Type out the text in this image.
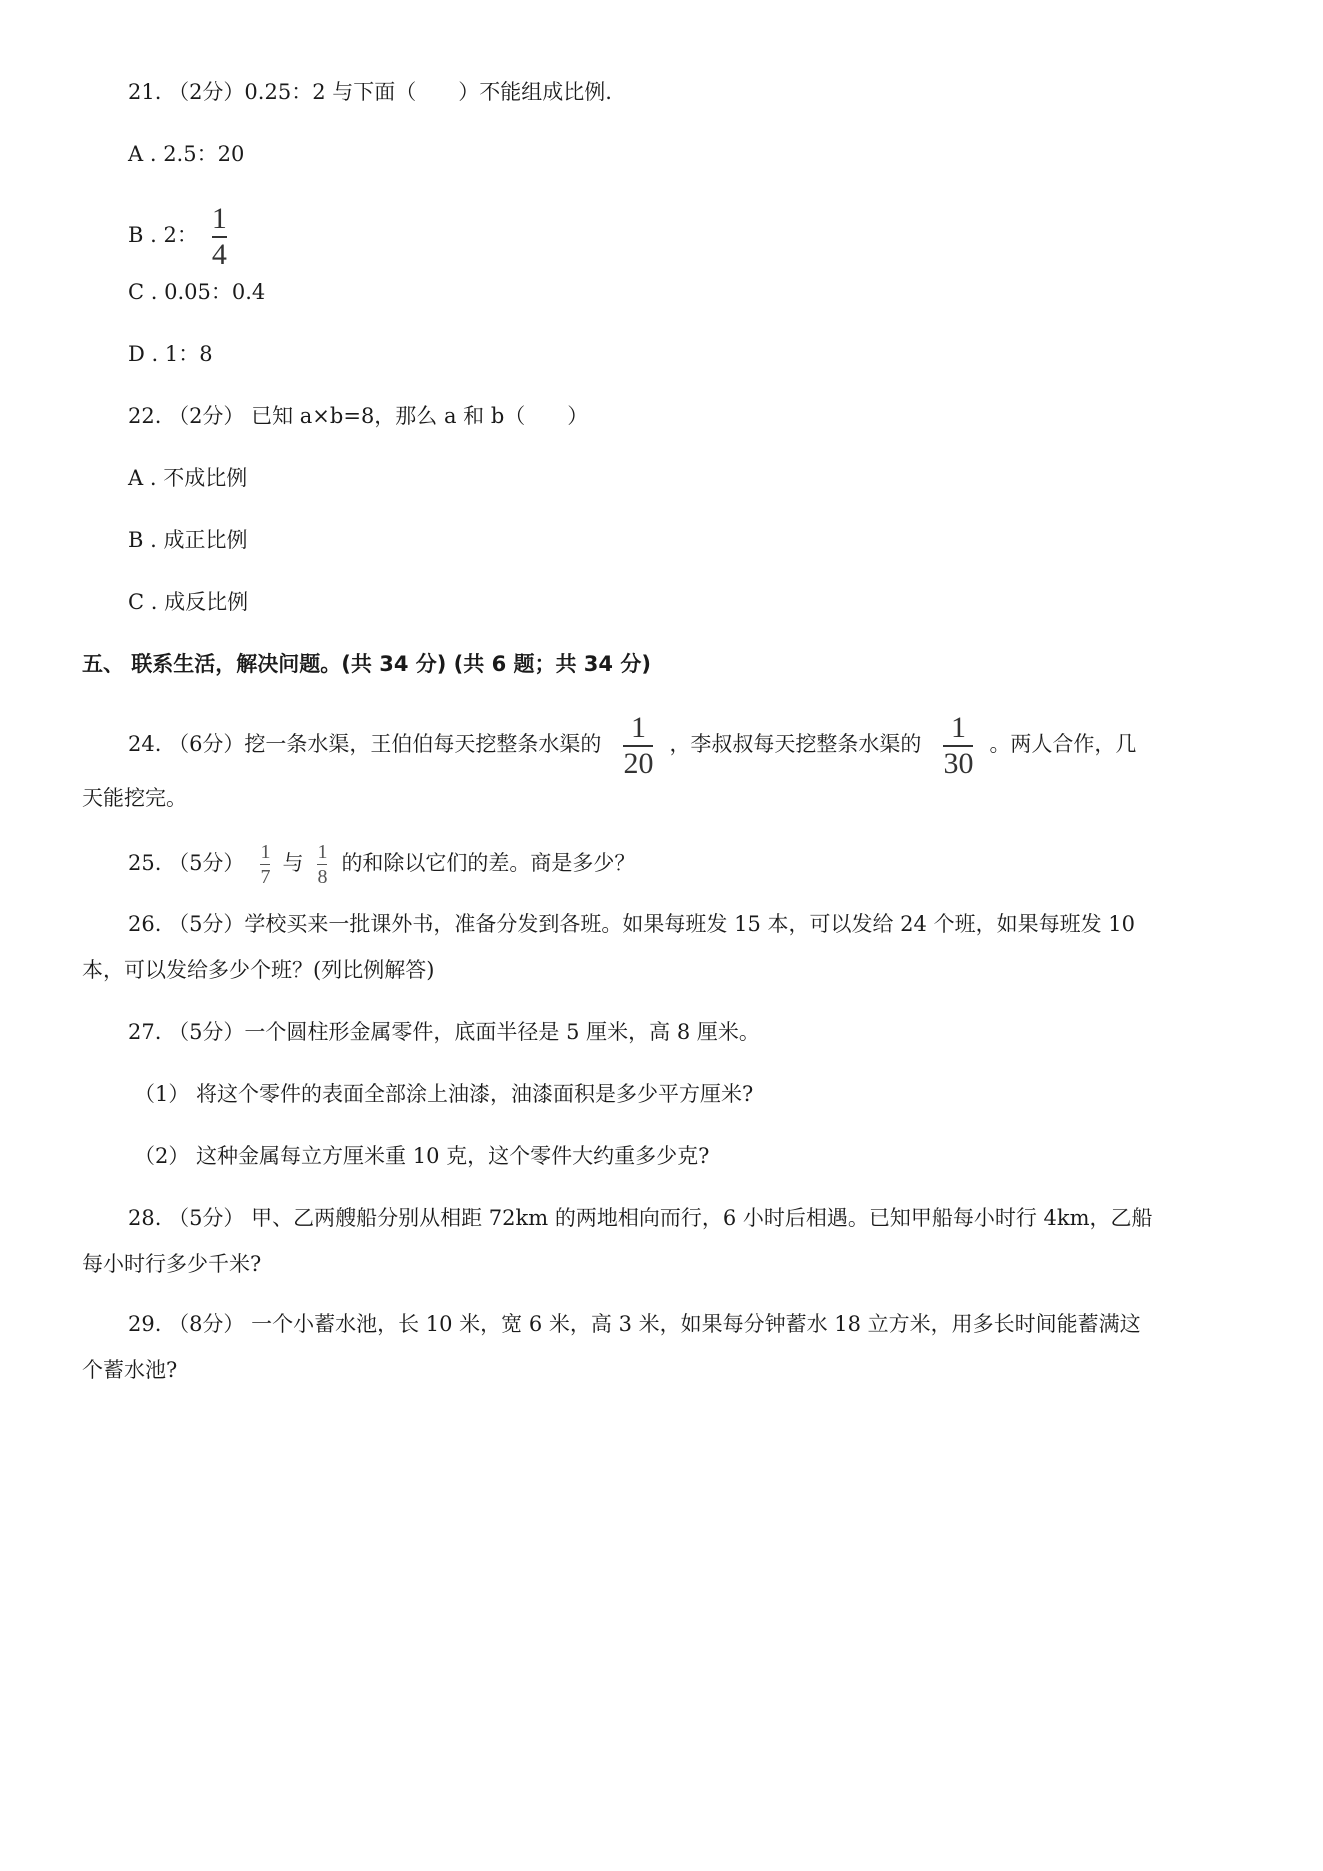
21. （2分）0.25：2 与下面（　　）不能组成比例.
A . 2.5：20
B . 2： $\frac{1}{4}$
C . 0.05：0.4
D . 1：8
22. （2分） 已知 a×b=8，那么 a 和 b（　　）
A . 不成比例
B . 成正比例
C . 成反比例
五、 联系生活，解决问题。(共 34 分) (共 6 题；共 34 分)
24. （6分）挖一条水渠，王伯伯每天挖整条水渠的 $\frac{1}{20}$ ，李叔叔每天挖整条水渠的 $\frac{1}{30}$ 。两人合作，几
天能挖完。
25. （5分） $\frac{1}{7}$ 与 $\frac{1}{8}$ 的和除以它们的差。商是多少？
26. （5分）学校买来一批课外书，准备分发到各班。如果每班发 15 本，可以发给 24 个班，如果每班发 10
本，可以发给多少个班？(列比例解答)
27. （5分）一个圆柱形金属零件，底面半径是 5 厘米，高 8 厘米。
（1） 将这个零件的表面全部涂上油漆，油漆面积是多少平方厘米?
（2） 这种金属每立方厘米重 10 克，这个零件大约重多少克?
28. （5分） 甲、乙两艘船分别从相距 72km 的两地相向而行，6 小时后相遇。已知甲船每小时行 4km，乙船
每小时行多少千米?
29. （8分） 一个小蓄水池，长 10 米，宽 6 米，高 3 米，如果每分钟蓄水 18 立方米，用多长时间能蓄满这
个蓄水池?
